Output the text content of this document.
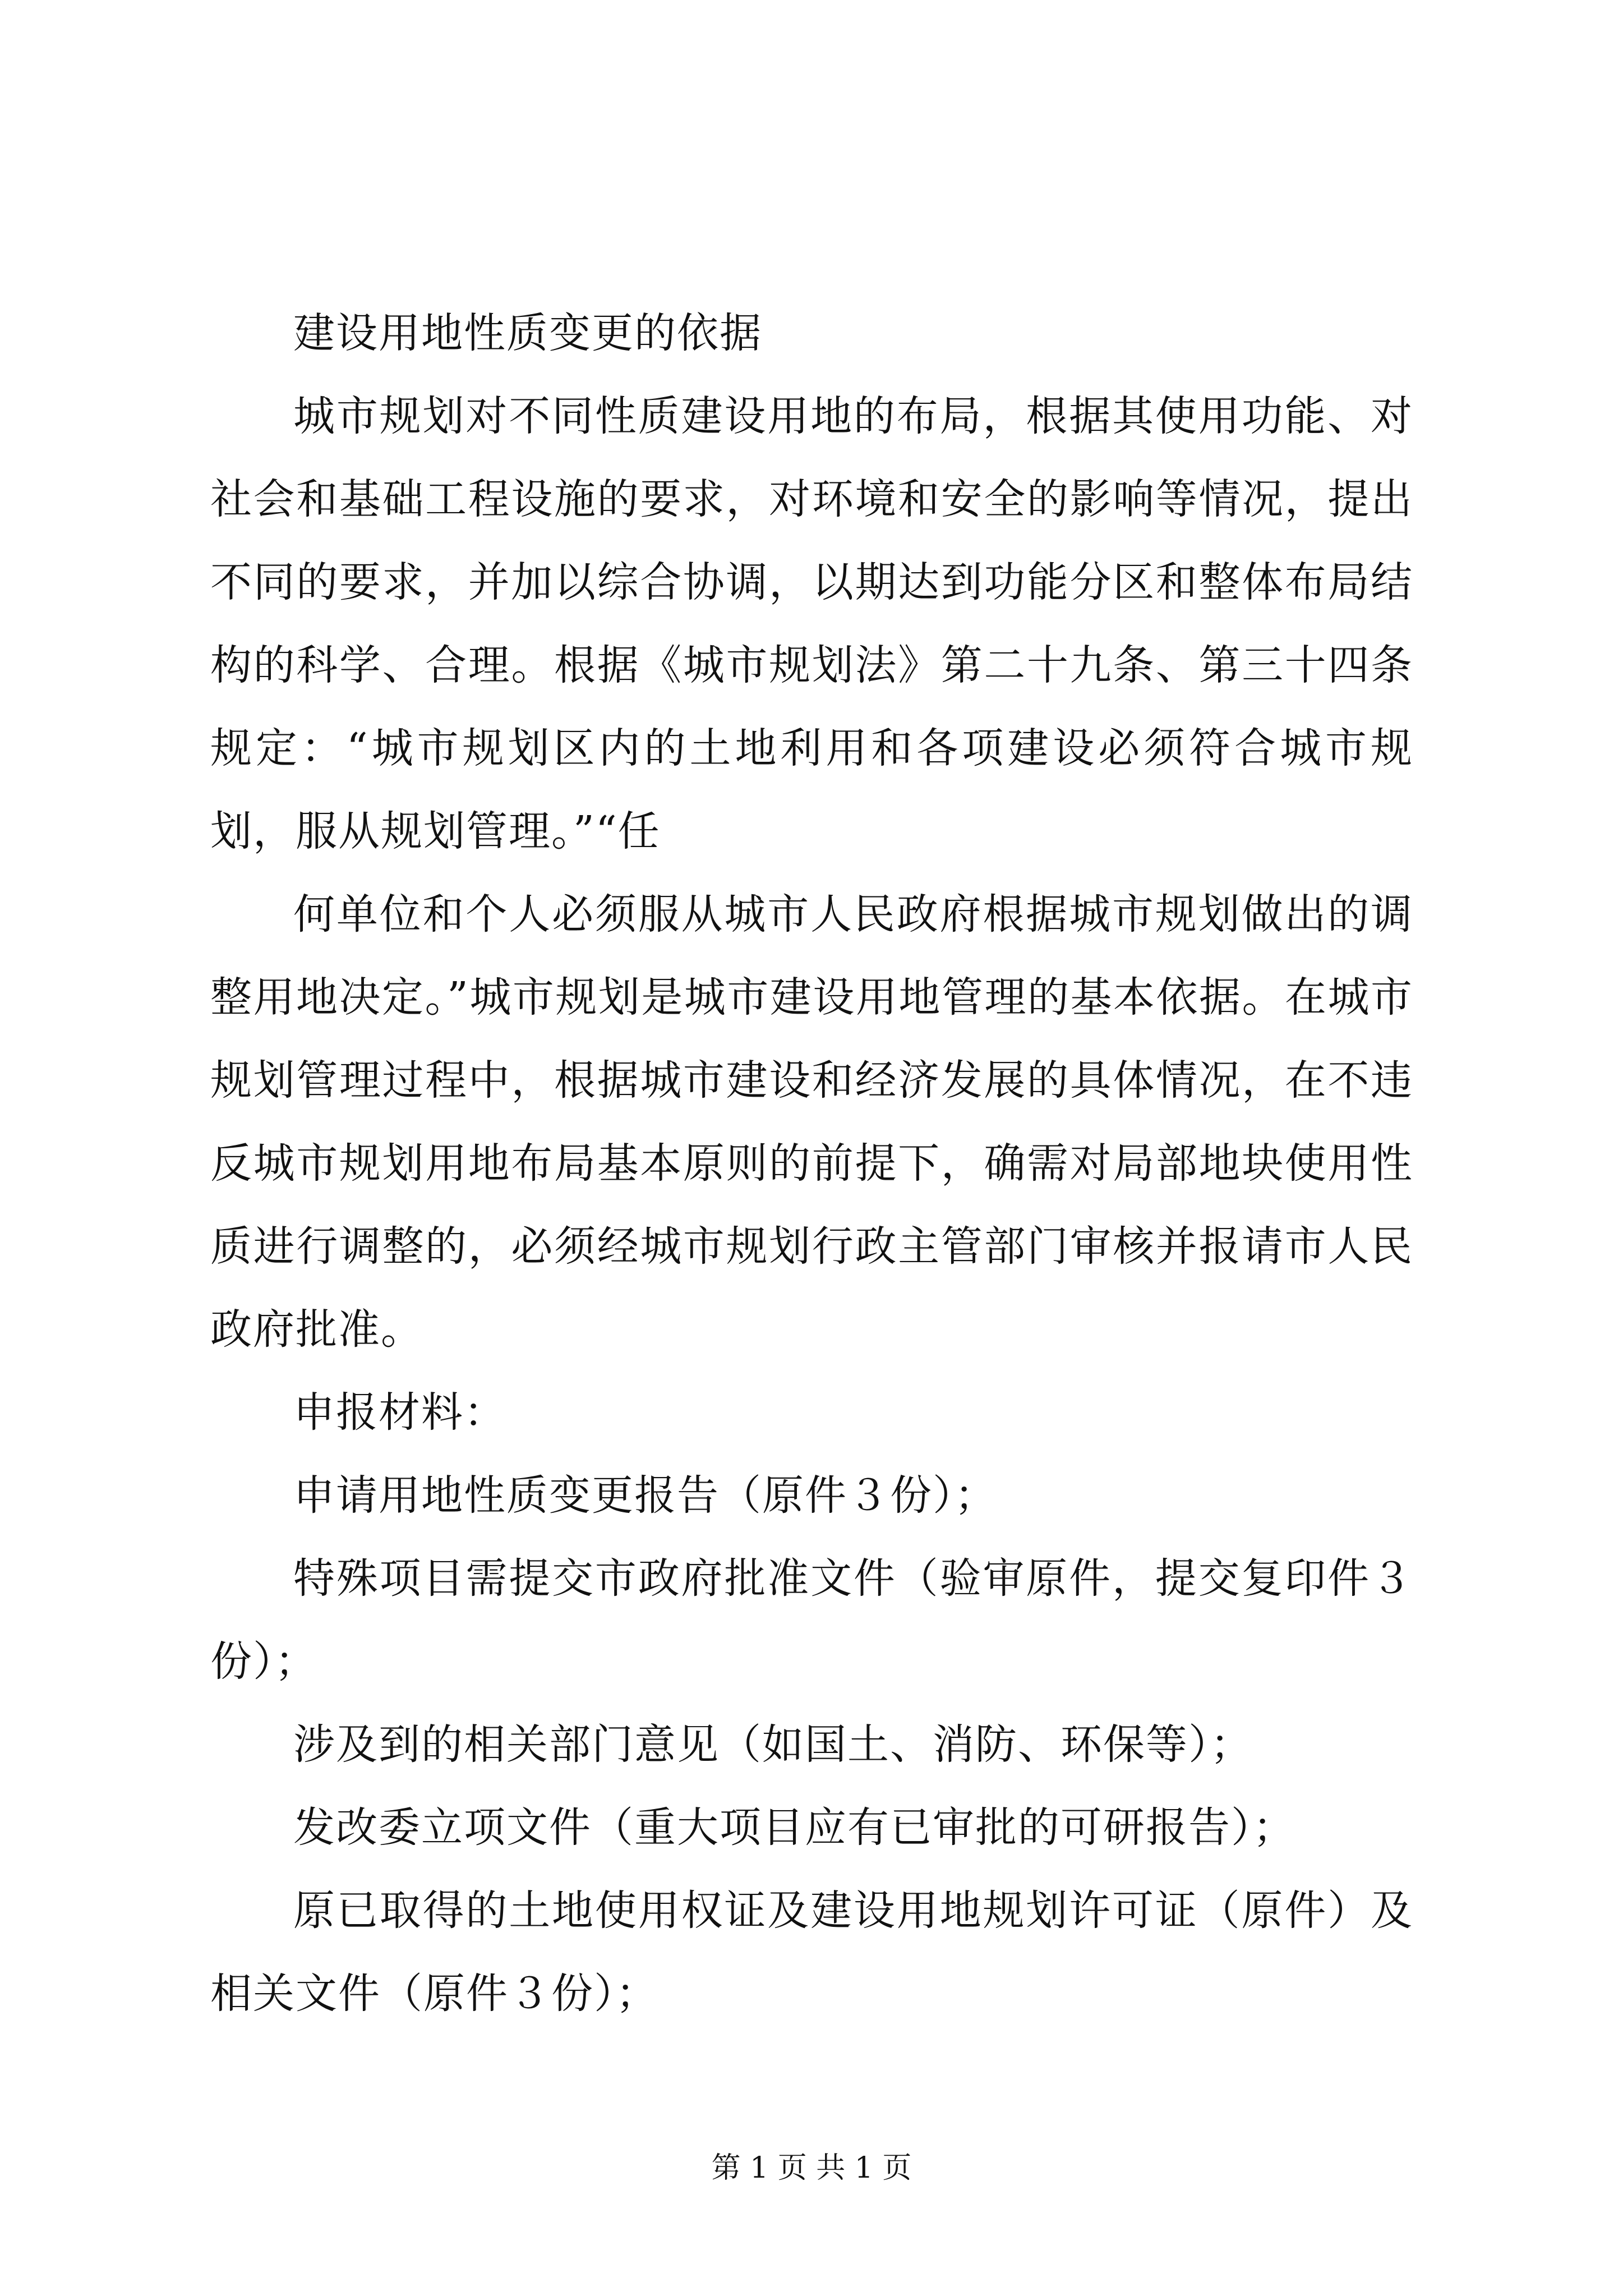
建设用地性质变更的依据

城市规划对不同性质建设用地的布局，根据其使用功能、对社会和基础工程设施的要求，对环境和安全的影响等情况，提出不同的要求，并加以综合协调，以期达到功能分区和整体布局结构的科学、合理。根据《城市规划法》第二十九条、第三十四条规定：“城市规划区内的土地利用和各项建设必须符合城市规划，服从规划管理。”“任

何单位和个人必须服从城市人民政府根据城市规划做出的调整用地决定。”城市规划是城市建设用地管理的基本依据。在城市规划管理过程中，根据城市建设和经济发展的具体情况，在不违反城市规划用地布局基本原则的前提下，确需对局部地块使用性质进行调整的，必须经城市规划行政主管部门审核并报请市人民政府批准。

申报材料：

申请用地性质变更报告（原件３份）；

特殊项目需提交市政府批准文件（验审原件，提交复印件３份）；

涉及到的相关部门意见（如国土、消防、环保等）；

发改委立项文件（重大项目应有已审批的可研报告）；

原已取得的土地使用权证及建设用地规划许可证（原件）及相关文件（原件３份）；

第 1 页 共 1 页
